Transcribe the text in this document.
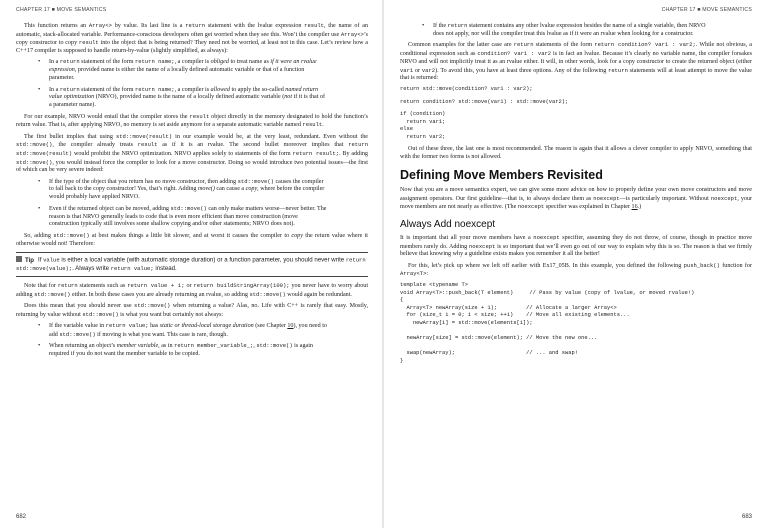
CHAPTER 17 ■ MOVE SEMANTICS

This function returns an Array<> by value. Its last line is a return statement with the lvalue expression result, the name of an automatic, stack-allocated variable. Performance-conscious developers often get worried when they see this. Won’t the compiler use Array<>’s copy constructor to copy result into the object that is being returned? They need not be worried, at least not in this case. Let’s review how a C++17 compiler is supposed to handle return-by-value (slightly simplified, as always):

• In a return statement of the form return name;, a compiler is obliged to treat name as if it were an rvalue expression, provided name is either the name of a locally defined automatic variable or that of a function parameter.
• In a return statement of the form return name;, a compiler is allowed to apply the so-called named return value optimization (NRVO), provided name is the name of a locally defined automatic variable (not if it is that of a parameter name).

For our example, NRVO would entail that the compiler stores the result object directly in the memory designated to hold the function’s return value. That is, after applying NRVO, no memory is set aside anymore for a separate automatic variable named result.

The first bullet implies that using std::move(result) in our example would be, at the very least, redundant. Even without the std::move(), the compiler already treats result as if it is an rvalue. The second bullet moreover implies that return std::move(result) would prohibit the NRVO optimization. NRVO applies solely to statements of the form return result;. By adding std::move(), you would instead force the compiler to look for a move constructor. Doing so would introduce two potential issues—the first of which can be very severe indeed:

• If the type of the object that you return has no move constructor, then adding std::move() causes the compiler to fall back to the copy constructor! Yes, that’s right. Adding move() can cause a copy, where before the compiler would probably have applied NRVO.
• Even if the returned object can be moved, adding std::move() can only make matters worse—never better. The reason is that NRVO generally leads to code that is even more efficient than move construction (move construction typically still involves some shallow copying and/or other statements; NRVO does not).

So, adding std::move() at best makes things a little bit slower, and at worst it causes the compiler to copy the return value where it otherwise would not! Therefore:

Tip If value is either a local variable (with automatic storage duration) or a function parameter, you should never write return std::move(value);. Always write return value; instead.

Note that for return statements such as return value + 1; or return buildStringArray(100); you never have to worry about adding std::move() either. In both these cases you are already returning an rvalue, so adding std::move() would again be redundant.

Does this mean that you should never use std::move() when returning a value? Alas, no. Life with C++ is rarely that easy. Mostly, returning by value without std::move() is what you want but certainly not always:

• If the variable value in return value; has static or thread-local storage duration (see Chapter 10), you need to add std::move() if moving is what you want. This case is rare, though.
• When returning an object’s member variable, as in return member_variable_;, std::move() is again required if you do not want the member variable to be copied.
682
CHAPTER 17 ■ MOVE SEMANTICS
• If the return statement contains any other lvalue expression besides the name of a single variable, then NRVO does not apply, nor will the compiler treat this lvalue as if it were an rvalue when looking for a constructor.

Common examples for the latter case are return statements of the form return condition? var1 : var2;. While not obvious, a conditional expression such as condition? var1 : var2 is in fact an lvalue. Because it’s clearly no variable name, the compiler forsakes NRVO and will not implicitly treat it as an rvalue either. It will, in other words, look for a copy constructor to create the returned object (either var1 or var2). To avoid this, you have at least three options. Any of the following return statements will at least attempt to move the value that is returned:

return std::move(condition? var1 : var2);
return condition? std::move(var1) : std::move(var2);
if (condition)
return var1;
else
return var2;

Out of these three, the last one is most recommended. The reason is again that it allows a clever compiler to apply NRVO, something that with the former two forms is not allowed.

Defining Move Members Revisited

Now that you are a move semantics expert, we can give some more advice on how to properly define your own move constructors and move assignment operators. Our first guideline—that is, to always declare them as noexcept—is particularly important. Without noexcept, your move members are not nearly as effective. (The noexcept specifier was explained in Chapter 16.)

Always Add noexcept

It is important that all your move members have a noexcept specifier, assuming they do not throw, of course, though in practice move members rarely do. Adding noexcept is so important that we’ll even go out of our way to explain why this is so. The reason is that we firmly believe that knowing why a guideline exists makes you remember it all the better!

For this, let’s pick up where we left off earlier with Ex17_05B. In this example, you defined the following push_back() function for Array<T>:

template <typename T>
void Array<T>::push_back(T element)     // Pass by value (copy of lvalue, or moved rvalue!)
{
Array<T> newArray(size + 1);         // Allocate a larger Array<>
for (size_t i = 0; i < size; ++i)    // Move all existing elements...
newArray[i] = std::move(elements[i]);

newArray[size] = std::move(element); // Move the new one...

swap(newArray);                      // ... and swap!
}
683
